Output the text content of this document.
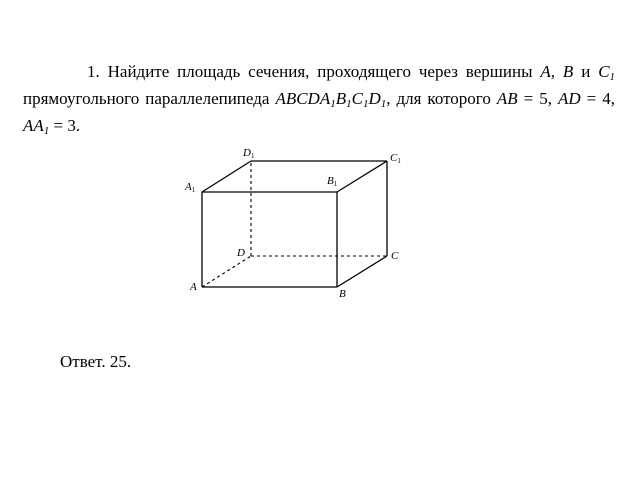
1. Найдите площадь сечения, проходящего через вершины A, B и $C_1$ прямоугольного параллелепипеда $ABCDA_1B_1C_1D_1$, для которого AB = 5, AD = 4, $AA_1 = 3$.

D1	C1
A1
B1
D	C
A
B
Ответ. 25.
